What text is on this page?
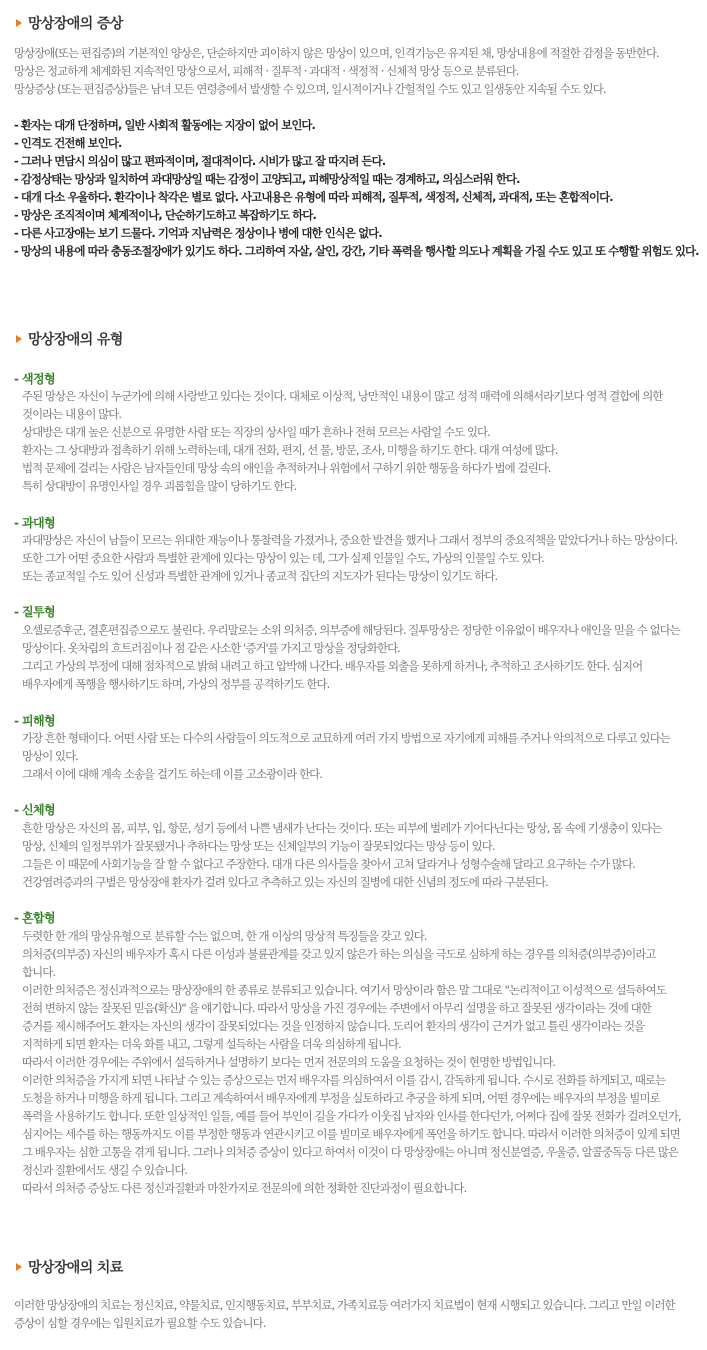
망상장애의 증상

망상장애(또는 편집증)의 기본적인 양상은, 단순하지만 괴이하지 않은 망상이 있으며, 인격기능은 유지된 채, 망상내용에 적절한 감정을 동반한다.

망상은 정교하게 체계화된 지속적인 망상으로서, 피해적 · 질투적 · 과대적 · 색정적 · 신체적 망상 등으로 분류된다.

망상증상 (또는 편집증상)들은 남녀 모든 연령층에서 발생할 수 있으며, 일시적이거나 간헐적일 수도 있고 일생동안 지속될 수도 있다.

- 환자는 대개 단정하며, 일반 사회적 활동에는 지장이 없어 보인다.

- 인격도 건전해 보인다.

- 그러나 면담시 의심이 많고 편파적이며, 절대적이다. 시비가 많고 잘 따지려 든다.

- 감정상태는 망상과 일치하여 과대망상일 때는 감정이 고양되고, 피해망상적일 때는 경계하고, 의심스러워 한다.

- 대개 다소 우울하다. 환각이나 착각은 별로 없다. 사고내용은 유형에 따라 피해적, 질투적, 색정적, 신체적, 과대적, 또는 혼합적이다.

- 망상은 조직적이며 체계적이나, 단순하기도하고 복잡하기도 하다.

- 다른 사고장애는 보기 드물다. 기억과 지남력은 정상이나 병에 대한 인식은 없다.

- 망상의 내용에 따라 충동조절장애가 있기도 하다. 그리하여 자살, 살인, 강간, 기타 폭력을 행사할 의도나 계획을 가질 수도 있고 또 수행할 위험도 있다.

망상장애의 유형
- 색정형

주된 망상은 자신이 누군가에 의해 사랑받고 있다는 것이다. 대체로 이상적, 낭만적인 내용이 많고 성적 매력에 의해서라기보다 영적 결합에 의한

것이라는 내용이 많다.

상대방은 대개 높은 신분으로 유명한 사람 또는 직장의 상사일 때가 흔하나 전혀 모르는 사람일 수도 있다.

환자는 그 상대방과 접촉하기 위해 노력하는데, 대개 전화, 편지, 선 물, 방문, 조사, 미행을 하기도 한다. 대개 여성에 많다.

법적 문제에 걸리는 사람은 남자들인데 망상 속의 애인을 추적하거나 위험에서 구하기 위한 행동을 하다가 법에 걸린다.

특히 상대방이 유명인사일 경우 괴롭힘을 많이 당하기도 한다.

- 과대형

과대망상은 자신이 남들이 모르는 위대한 재능이나 통찰력을 가졌거나, 중요한 발견을 했거나 그래서 정부의 중요직책을 맡았다거나 하는 망상이다.

또한 그가 어떤 중요한 사람과 특별한 관계에 있다는 망상이 있는 데, 그가 실제 인물일 수도, 가상의 인물일 수도 있다.

또는 종교적일 수도 있어 신성과 특별한 관계에 있거나 종교적 집단의 지도자가 된다는 망상이 있기도 하다.

- 질투형

오셀로증후군, 결혼편집증으로도 불린다. 우리말로는 소위 의처증, 의부증에 해당된다. 질투망상은 정당한 이유없이 배우자나 애인을 믿을 수 없다는

망상이다. 옷차림의 흐트러짐이나 점 같은 사소한 '증거'를 가지고 망상을 정당화한다.

그리고 가상의 부정에 대해 점차적으로 밝혀 내려고 하고 압박해 나간다. 배우자를 외출을 못하게 하거나, 추적하고 조사하기도 한다. 심지어

배우자에게 폭행을 행사하기도 하며, 가상의 정부를 공격하기도 한다.

- 피해형

가장 흔한 형태이다. 어떤 사람 또는 다수의 사람들이 의도적으로 교묘하게 여러 가지 방법으로 자기에게 피해를 주거나 악의적으로 다루고 있다는

망상이 있다.

그래서 이에 대해 계속 소송을 걸기도 하는데 이를 고소광이라 한다.

- 신체형

흔한 망상은 자신의 몸, 피부, 입, 항문, 성기 등에서 나쁜 냄새가 난다는 것이다. 또는 피부에 벌레가 기어다닌다는 망상, 몸 속에 기생충이 있다는

망상, 신체의 일정부위가 잘못됐거나 추하다는 망상 또는 신체일부의 기능이 잘못되었다는 망상 등이 있다.

그들은 이 때문에 사회기능을 잘 할 수 없다고 주장한다. 대개 다른 의사들을 찾아서 고쳐 달라거나 성형수술해 달라고 요구하는 수가 많다.

건강염려증과의 구별은 망상장애 환자가 걸려 있다고 추측하고 있는 자신의 질병에 대한 신념의 정도에 따라 구분된다.

- 혼합형

두렷한 한 개의 망상유형으로 분류할 수는 없으며, 한 개 이상의 망상적 특징들을 갖고 있다.

의처증(의부증) 자신의 배우자가 혹시 다른 이성과 불륜관계를 갖고 있지 않은가 하는 의심을 극도로 심하게 하는 경우를 의처증(의부증)이라고

합니다.

이러한 의처증은 정신과적으로는 망상장애의 한 종류로 분류되고 있습니다. 여기서 망상이라 함은 말 그대로 "논리적이고 이성적으로 설득하여도

전혀 변하지 않는 잘못된 믿음(확신)" 을 얘기합니다. 따라서 망상을 가진 경우에는 주변에서 아무리 설명을 하고 잘못된 생각이라는 것에 대한

증거를 제시해주어도 환자는 자신의 생각이 잘못되었다는 것을 인정하지 않습니다. 도리어 환자의 생각이 근거가 없고 틀린 생각이라는 것을

지적하게 되면 환자는 더욱 화를 내고, 그렇게 설득하는 사람을 더욱 의심하게 됩니다.

따라서 이러한 경우에는 주위에서 설득하거나 설명하기 보다는 먼저 전문의의 도움을 요청하는 것이 현명한 방법입니다.

이러한 의처증을 가지게 되면 나타날 수 있는 증상으로는 먼저 배우자를 의심하여서 이를 감시, 감독하게 됩니다. 수시로 전화를 하게되고, 때로는

도청을 하거나 미행을 하게 됩니다. 그리고 계속하여서 배우자에게 부정을 실토하라고 추궁을 하게 되며, 어떤 경우에는 배우자의 부정을 빌미로

폭력을 사용하기도 합니다. 또한 일상적인 일들, 예를 들어 부인이 길을 가다가 이웃집 남자와 인사를 한다던가, 어쩌다 집에 잘못 전화가 걸려오던가,

심지어는 세수를 하는 행동까지도 이를 부정한 행동과 연관시키고 이를 빌미로 배우자에게 폭언을 하기도 합니다. 따라서 이러한 의처증이 있게 되면

그 배우자는 심한 고통을 겪게 됩니다. 그러나 의처증 증상이 있다고 하여서 이것이 다 망상장애는 아니며 정신분열증, 우울증, 알콜중독등 다른 많은

정신과 질환에서도 생길 수 있습니다.

따라서 의처증 증상도 다른 정신과질환과 마찬가지로 전문의에 의한 정확한 진단과정이 필요합니다.

망상장애의 치료

이러한 망상장애의 치료는 정신치료, 약물치료, 인지행동치료, 부부치료, 가족치료등 여러가지 치료법이 현재 시행되고 있습니다. 그리고 만일 이러한

증상이 심할 경우에는 입원치료가 필요할 수도 있습니다.
